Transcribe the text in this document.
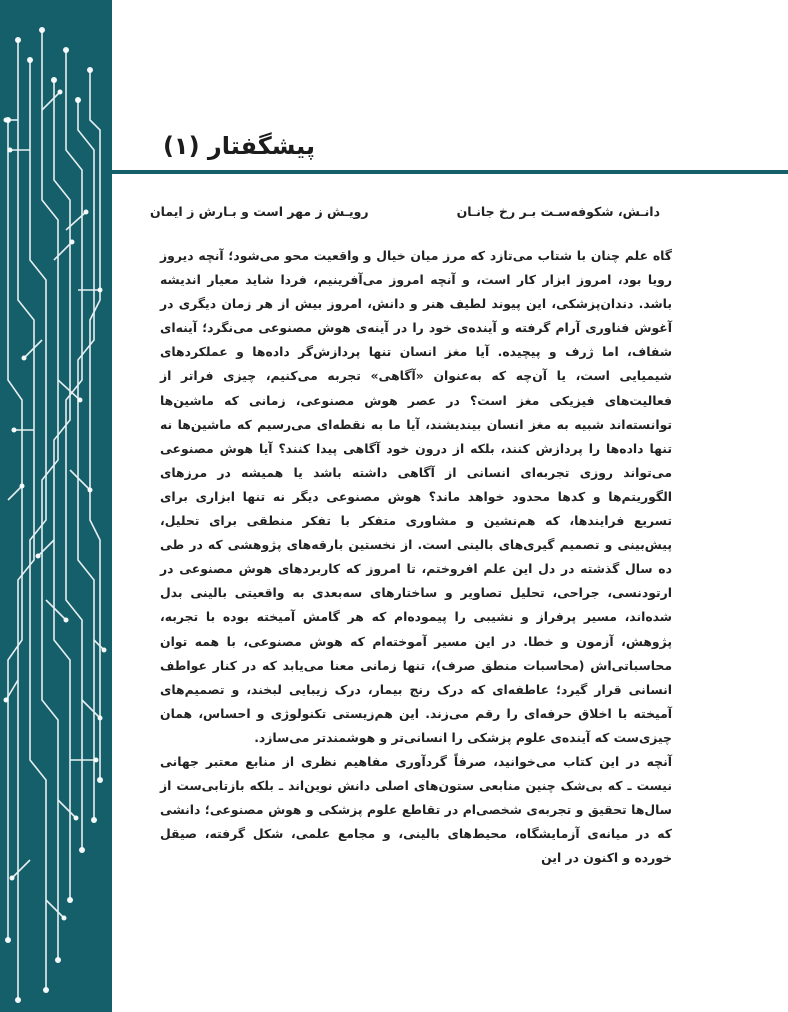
پیشگفتار (۱)
دانـش، شکوفه‌سـت بـر رخ جانـان
رویـش ز مهر است و بـارش ز ایمان

گاه علم چنان با شتاب می‌تازد که مرز میان خیال و واقعیت محو می‌شود؛ آنچه دیروز رویا بود، امروز ابزار کار است، و آنچه امروز می‌آفرینیم، فردا شاید معیار اندیشه باشد. دندان‌پزشکی، این پیوند لطیف هنر و دانش، امروز بیش از هر زمان دیگری در آغوش فناوری آرام گرفته و آینده‌ی خود را در آینه‌ی هوش مصنوعی می‌نگرد؛ آینه‌ای شفاف، اما ژرف و پیچیده. آیا مغز انسان تنها پردازش‌گر داده‌ها و عملکردهای شیمیایی است، یا آن‌چه که به‌عنوان «آگاهی» تجربه می‌کنیم، چیزی فراتر از فعالیت‌های فیزیکی مغز است؟ در عصر هوش مصنوعی، زمانی که ماشین‌ها توانسته‌اند شبیه به مغز انسان بیندیشند، آیا ما به نقطه‌ای می‌رسیم که ماشین‌ها نه تنها داده‌ها را پردازش کنند، بلکه از درون خود آگاهی پیدا کنند؟ آیا هوش مصنوعی می‌تواند روزی تجربه‌ای انسانی از آگاهی داشته باشد یا همیشه در مرزهای الگوریتم‌ها و کدها محدود خواهد ماند؟ هوش مصنوعی دیگر نه تنها ابزاری برای تسریع فرایندها، که هم‌نشین و مشاوری متفکر با تفکر منطقی برای تحلیل، پیش‌بینی و تصمیم گیری‌های بالینی است. از نخستین بارقه‌های پژوهشی که در طی ده سال گذشته در دل این علم افروختم، تا امروز که کاربردهای هوش مصنوعی در ارتودنسی، جراحی، تحلیل تصاویر و ساختارهای سه‌بعدی به واقعیتی بالینی بدل شده‌اند، مسیر پرفراز و نشیبی را پیموده‌ام که هر گامش آمیخته بوده با تجربه، پژوهش، آزمون و خطا. در این مسیر آموخته‌ام که هوش مصنوعی، با همه توان محاسباتی‌اش (محاسبات منطق صرف)، تنها زمانی معنا می‌یابد که در کنار عواطف انسانی قرار گیرد؛ عاطفه‌ای که درک رنج بیمار، درک زیبایی لبخند، و تصمیم‌های آمیخته با اخلاق حرفه‌ای را رقم می‌زند. این هم‌زیستی تکنولوژی و احساس، همان چیزی‌ست که آینده‌ی علوم پزشکی را انسانی‌تر و هوشمندتر می‌سازد.

آنچه در این کتاب می‌خوانید، صرفاً گردآوری مفاهیم نظری از منابع معتبر جهانی نیست ـ که بی‌شک چنین منابعی ستون‌های اصلی دانش نوین‌اند ـ بلکه بازتابی‌ست از سال‌ها تحقیق و تجربه‌ی شخصی‌ام در تقاطع علوم پزشکی و هوش مصنوعی؛ دانشی که در میانه‌ی آزمایشگاه، محیط‌های بالینی، و مجامع علمی، شکل گرفته، صیقل خورده و اکنون در این
